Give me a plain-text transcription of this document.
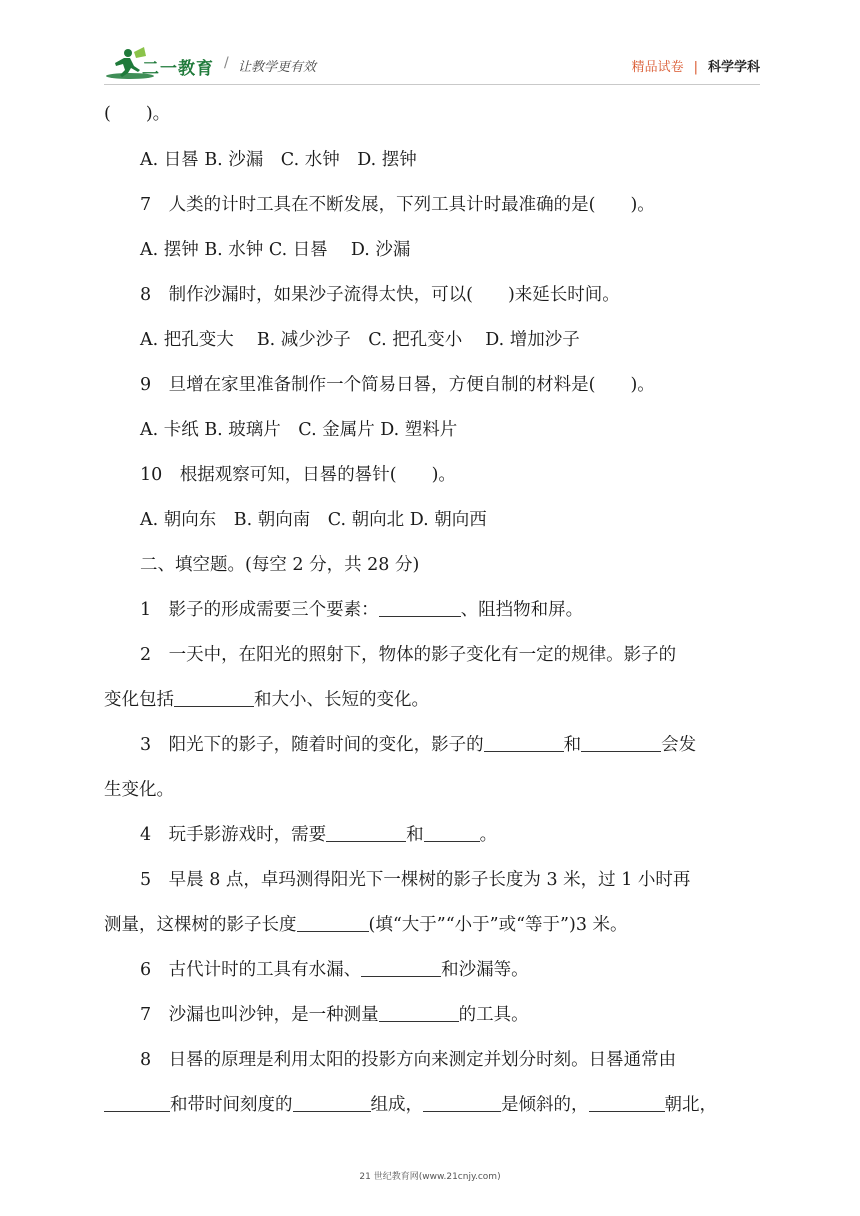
二一教育 / 让教学更有效	精品试卷 | 科学学科
(　　)。
A. 日晷 B. 沙漏　C. 水钟　D. 摆钟
7　人类的计时工具在不断发展，下列工具计时最准确的是(　　)。
A. 摆钟 B. 水钟 C. 日晷　 D. 沙漏
8　制作沙漏时，如果沙子流得太快，可以(　　)来延长时间。
A. 把孔变大　 B. 减少沙子　C. 把孔变小　 D. 增加沙子
9　旦增在家里准备制作一个简易日晷，方便自制的材料是(　　)。
A. 卡纸 B. 玻璃片　C. 金属片 D. 塑料片
10　根据观察可知，日晷的晷针(　　)。
A. 朝向东　B. 朝向南　C. 朝向北 D. 朝向西
二、填空题。(每空 2 分，共 28 分)
1　影子的形成需要三个要素：	、阻挡物和屏。
2　一天中，在阳光的照射下，物体的影子变化有一定的规律。影子的
变化包括	和大小、长短的变化。
3　阳光下的影子，随着时间的变化，影子的	和	会发
生变化。
4　玩手影游戏时，需要	和	。
5　早晨 8 点，卓玛测得阳光下一棵树的影子长度为 3 米，过 1 小时再
测量，这棵树的影子长度	(填“大于”“小于”或“等于”)3 米。
6　古代计时的工具有水漏、	和沙漏等。
7　沙漏也叫沙钟，是一种测量	的工具。
8　日晷的原理是利用太阳的投影方向来测定并划分时刻。日晷通常由
和带时间刻度的	组成，	是倾斜的，	朝北，
21 世纪教育网(www.21cnjy.com)
